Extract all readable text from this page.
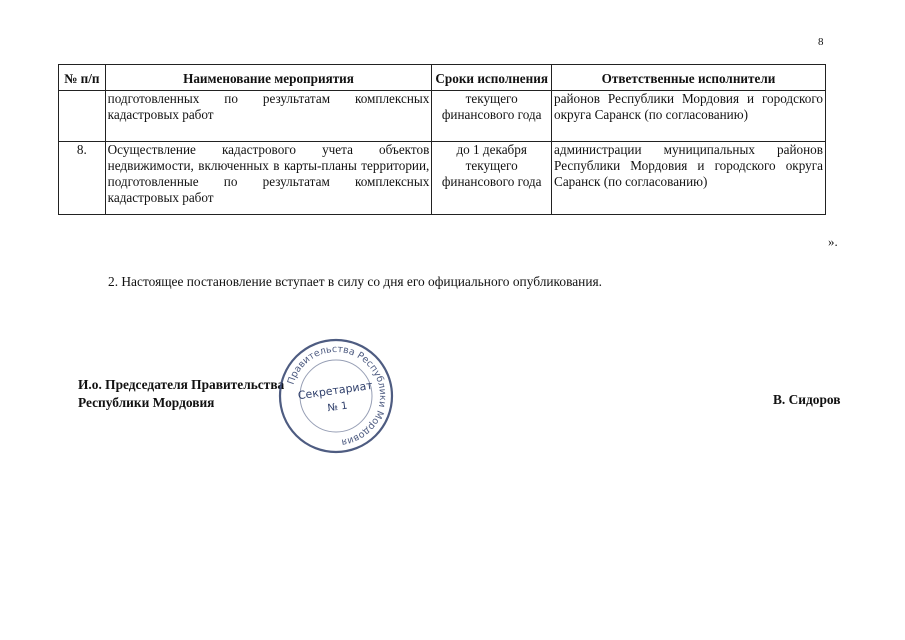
8
№ п/п	Наименование мероприятия	Сроки исполнения	Ответственные исполнители
	подготовленных по результатам комплексных кадастровых работ	текущего финансового года	районов Республики Мордовия и городского округа Саранск (по согласованию)
8.	Осуществление кадастрового учета объектов недвижимости, включенных в карты-планы территории, подготовленные по результатам комплексных кадастровых работ	до 1 декабря текущего финансового года	администрации муниципальных районов Республики Мордовия и городского округа Саранск (по согласованию)
».
2. Настоящее постановление вступает в силу со дня его официального опубликования.
И.о. Председателя Правительства
Республики Мордовия	В. Сидоров
Правительства Республики Мордовия
Секретариат
№ 1
